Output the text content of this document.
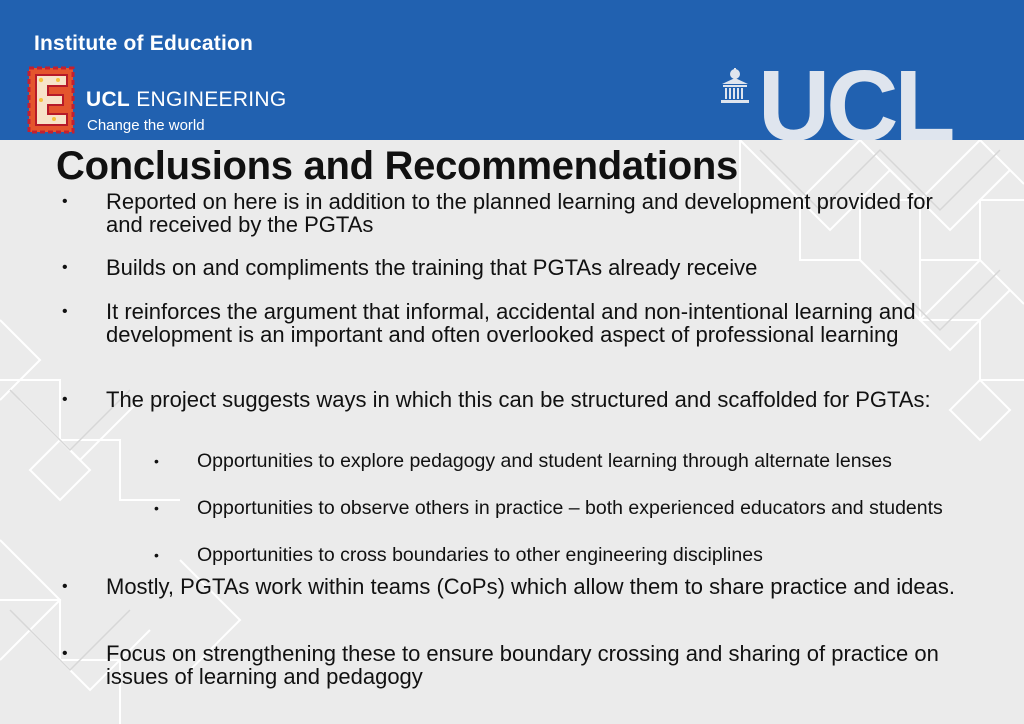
Institute of Education
UCL ENGINEERING
Change the world	UCL
Conclusions and Recommendations
• Reported on here is in addition to the planned learning and development provided for and received by the PGTAs
• Builds on and compliments the training that PGTAs already receive
• It reinforces the argument that informal, accidental and non-intentional learning and development is an important and often overlooked aspect of professional learning
• The project suggests ways in which this can be structured and scaffolded for PGTAs:
• Opportunities to explore pedagogy and student learning through alternate lenses
• Opportunities to observe others in practice – both experienced educators and students
• Opportunities to cross boundaries to other engineering disciplines
• Mostly, PGTAs work within teams (CoPs) which allow them to share practice and ideas.
• Focus on strengthening these to ensure boundary crossing and sharing of practice on issues of learning and pedagogy
